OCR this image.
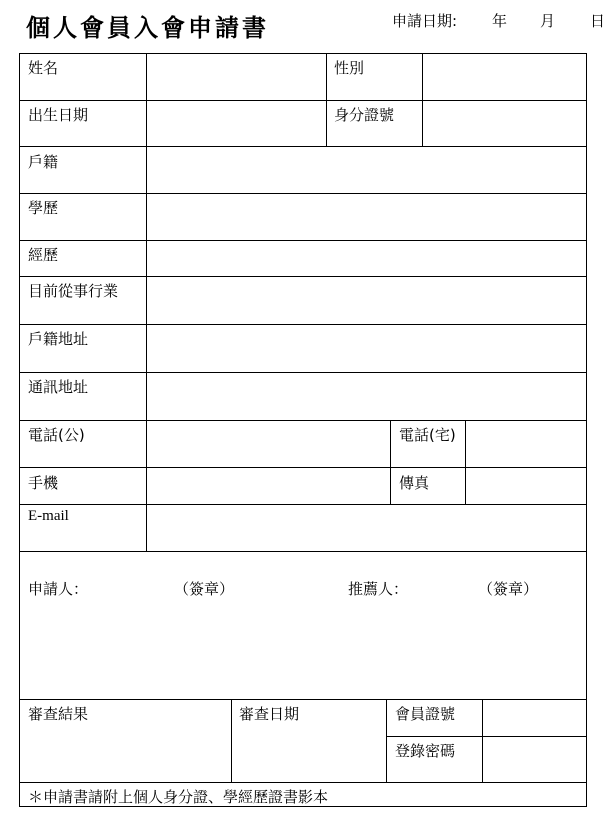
個人會員入會申請書	申請日期: 年 月 日
姓名	性別
出生日期	身分證號
戶籍
學歷
經歷
目前從事行業
戶籍地址
通訊地址
電話(公)	電話(宅)
手機	傳真
E-mail
申請人：	（簽章）	推薦人：	（簽章）
審查結果	審查日期	會員證號
登錄密碼
＊申請書請附上個人身分證、學經歷證書影本
